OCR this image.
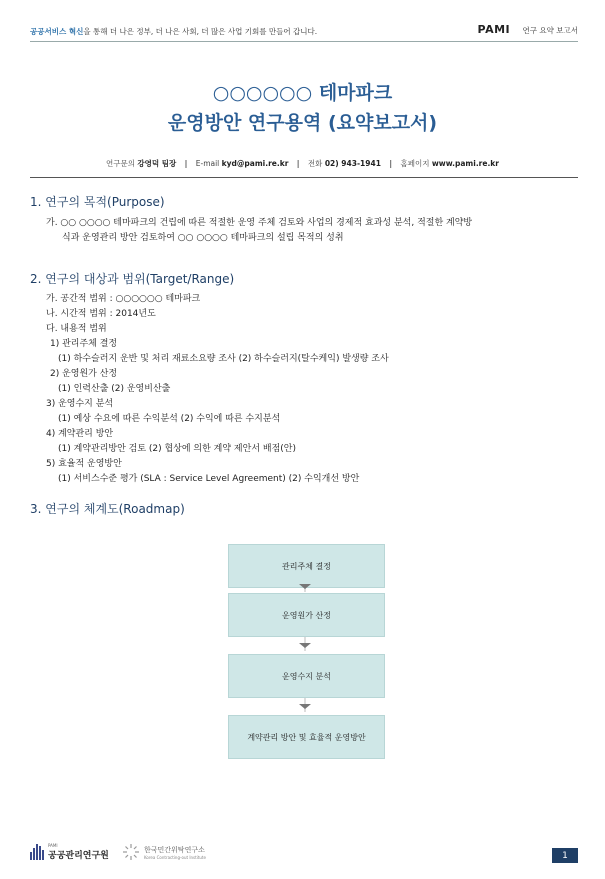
공공서비스 혁신을 통해 더 나은 정부, 더 나은 사회, 더 많은 사업 기회를 만들어 갑니다.	PAMI 연구 요약 보고서
○○○○○○ 테마파크
운영방안 연구용역 (요약보고서)
연구문의 강영덕 팀장 | E-mail kyd@pami.re.kr | 전화 02) 943-1941 | 홈페이지 www.pami.re.kr
1. 연구의 목적(Purpose)
가. ○○ ○○○○ 테마파크의 건립에 따른 적절한 운영 주체 검토와 사업의 경제적 효과성 분석, 적절한 계약방
식과 운영관리 방안 검토하여 ○○ ○○○○ 테마파크의 설립 목적의 성취
2. 연구의 대상과 범위(Target/Range)
가. 공간적 범위 : ○○○○○○ 테마파크
나. 시간적 범위 : 2014년도
다. 내용적 범위
1) 관리주체 결정
(1) 하수슬러지 운반 및 처리 재료소요량 조사 (2) 하수슬러지(탈수케익) 발생량 조사
2) 운영원가 산정
(1) 인력산출 (2) 운영비산출
3) 운영수지 분석
(1) 예상 수요에 따른 수익분석 (2) 수익에 따른 수지분석
4) 계약관리 방안
(1) 계약관리방안 검토 (2) 협상에 의한 계약 제안서 배점(안)
5) 효율적 운영방안
(1) 서비스수준 평가 (SLA : Service Level Agreement) (2) 수익개선 방안
3. 연구의 체계도(Roadmap)
관리주체 결정
운영원가 산정
운영수지 분석
계약관리 방안 및 효율적 운영방안
PAMI
공공관리연구원
한국민간위탁연구소
Korea Contracting-out Institute	1
